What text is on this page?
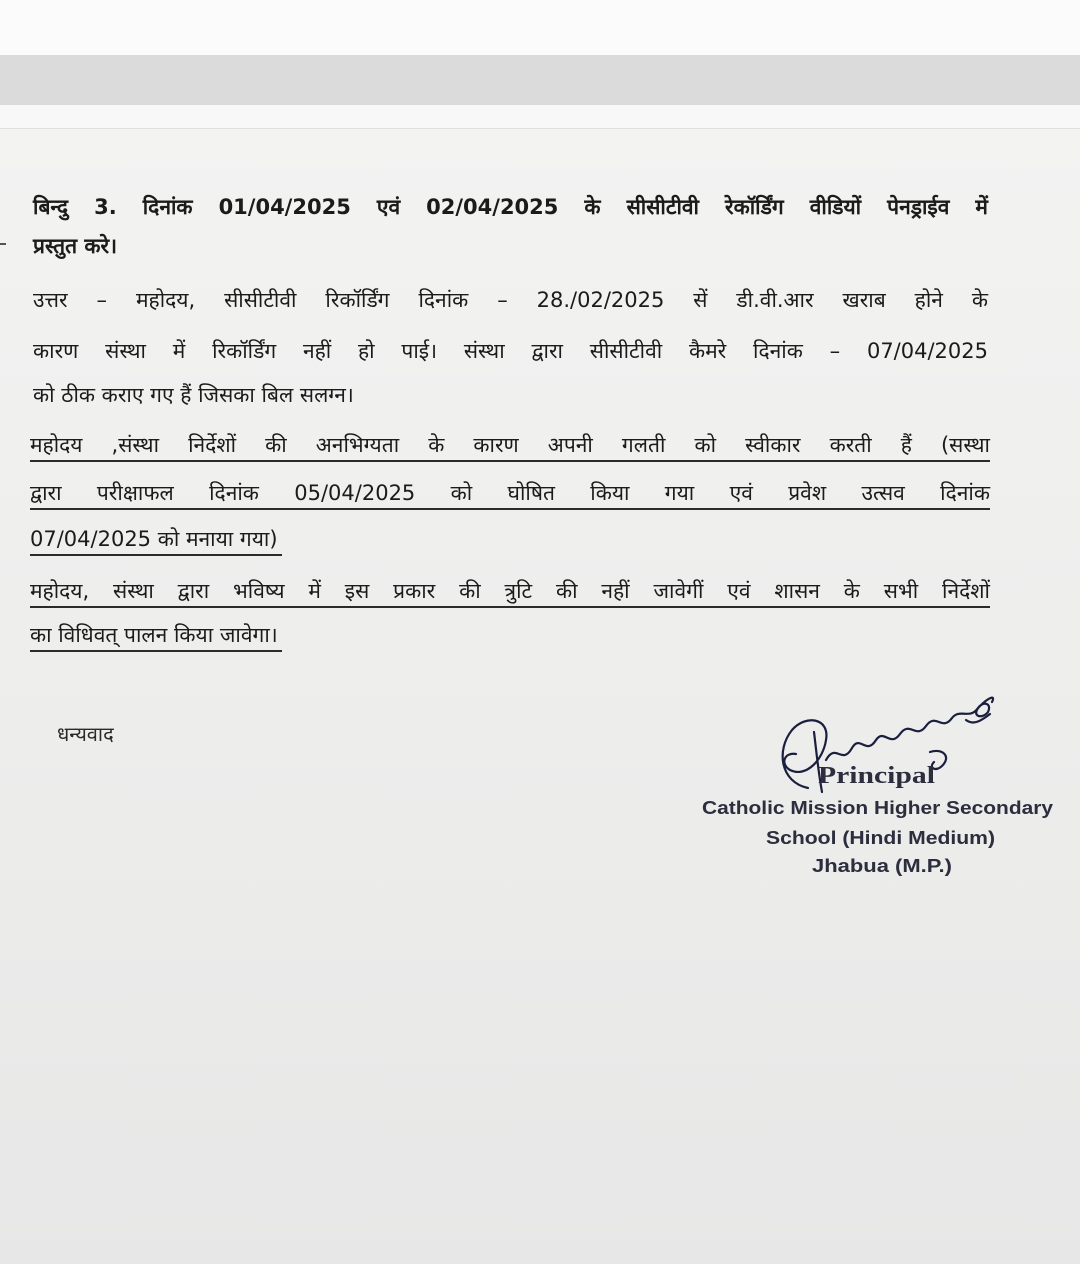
बिन्दु 3. दिनांक 01/04/2025 एवं 02/04/2025 के सीसीटीवी रेकॉर्डिंग वीडियों पेनड्राईव में
प्रस्तुत करे।
उत्तर – महोदय, सीसीटीवी रिकॉर्डिंग दिनांक – 28./02/2025 सें डी.वी.आर खराब होने के
कारण संस्था में रिकॉर्डिंग नहीं हो पाई। संस्था द्वारा सीसीटीवी कैमरे दिनांक – 07/04/2025
को ठीक कराए गए हैं जिसका बिल सलग्न।
महोदय ,संस्था निर्देशों की अनभिग्यता के कारण अपनी गलती को स्वीकार करती हैं (सस्था
द्वारा परीक्षाफल दिनांक 05/04/2025 को घोषित किया गया एवं प्रवेश उत्सव दिनांक
07/04/2025 को मनाया गया)
महोदय, संस्था द्वारा भविष्य में इस प्रकार की त्रुटि की नहीं जावेगीं एवं शासन के सभी निर्देशों
का विधिवत् पालन किया जावेगा।
धन्यवाद
Principal
Catholic Mission Higher Secondary
School (Hindi Medium)
Jhabua (M.P.)
